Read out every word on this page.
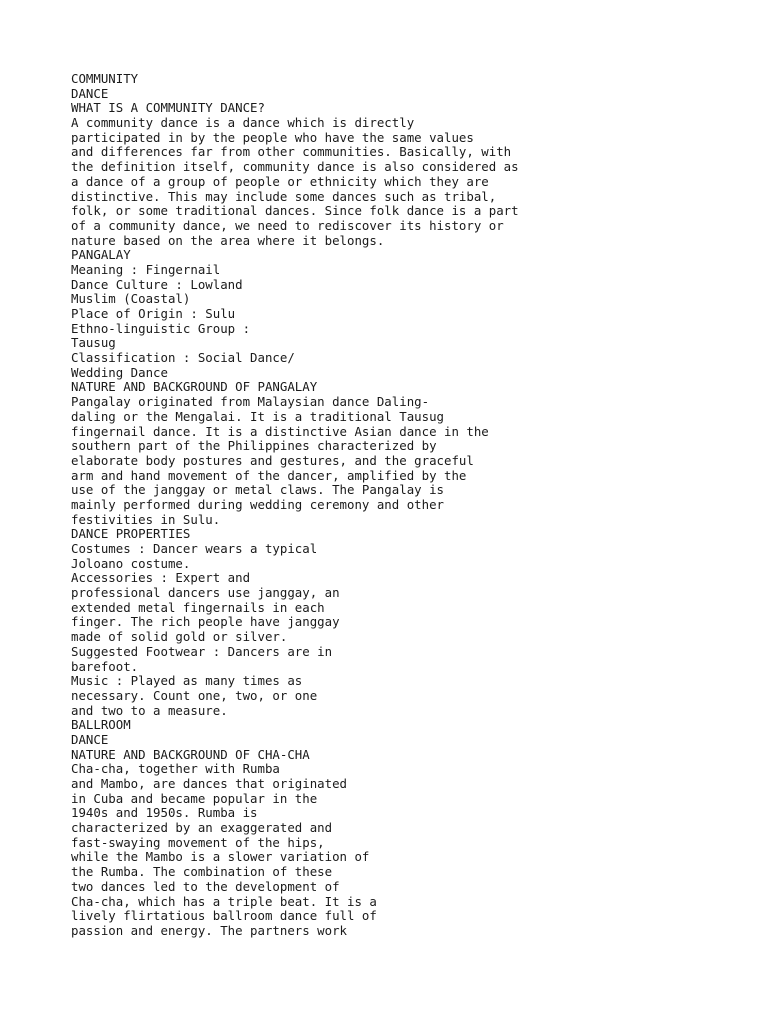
COMMUNITY
DANCE
WHAT IS A COMMUNITY DANCE?
A community dance is a dance which is directly
participated in by the people who have the same values
and differences far from other communities. Basically, with
the definition itself, community dance is also considered as
a dance of a group of people or ethnicity which they are
distinctive. This may include some dances such as tribal,
folk, or some traditional dances. Since folk dance is a part
of a community dance, we need to rediscover its history or
nature based on the area where it belongs.
PANGALAY
Meaning : Fingernail
Dance Culture : Lowland
Muslim (Coastal)
Place of Origin : Sulu
Ethno-linguistic Group :
Tausug
Classification : Social Dance/
Wedding Dance
NATURE AND BACKGROUND OF PANGALAY
Pangalay originated from Malaysian dance Daling-
daling or the Mengalai. It is a traditional Tausug
fingernail dance. It is a distinctive Asian dance in the
southern part of the Philippines characterized by
elaborate body postures and gestures, and the graceful
arm and hand movement of the dancer, amplified by the
use of the janggay or metal claws. The Pangalay is
mainly performed during wedding ceremony and other
festivities in Sulu.
DANCE PROPERTIES
Costumes : Dancer wears a typical
Joloano costume.
Accessories : Expert and
professional dancers use janggay, an
extended metal fingernails in each
finger. The rich people have janggay
made of solid gold or silver.
Suggested Footwear : Dancers are in
barefoot.
Music : Played as many times as
necessary. Count one, two, or one
and two to a measure.
BALLROOM
DANCE
NATURE AND BACKGROUND OF CHA-CHA
Cha-cha, together with Rumba
and Mambo, are dances that originated
in Cuba and became popular in the
1940s and 1950s. Rumba is
characterized by an exaggerated and
fast-swaying movement of the hips,
while the Mambo is a slower variation of
the Rumba. The combination of these
two dances led to the development of
Cha-cha, which has a triple beat. It is a
lively flirtatious ballroom dance full of
passion and energy. The partners work
